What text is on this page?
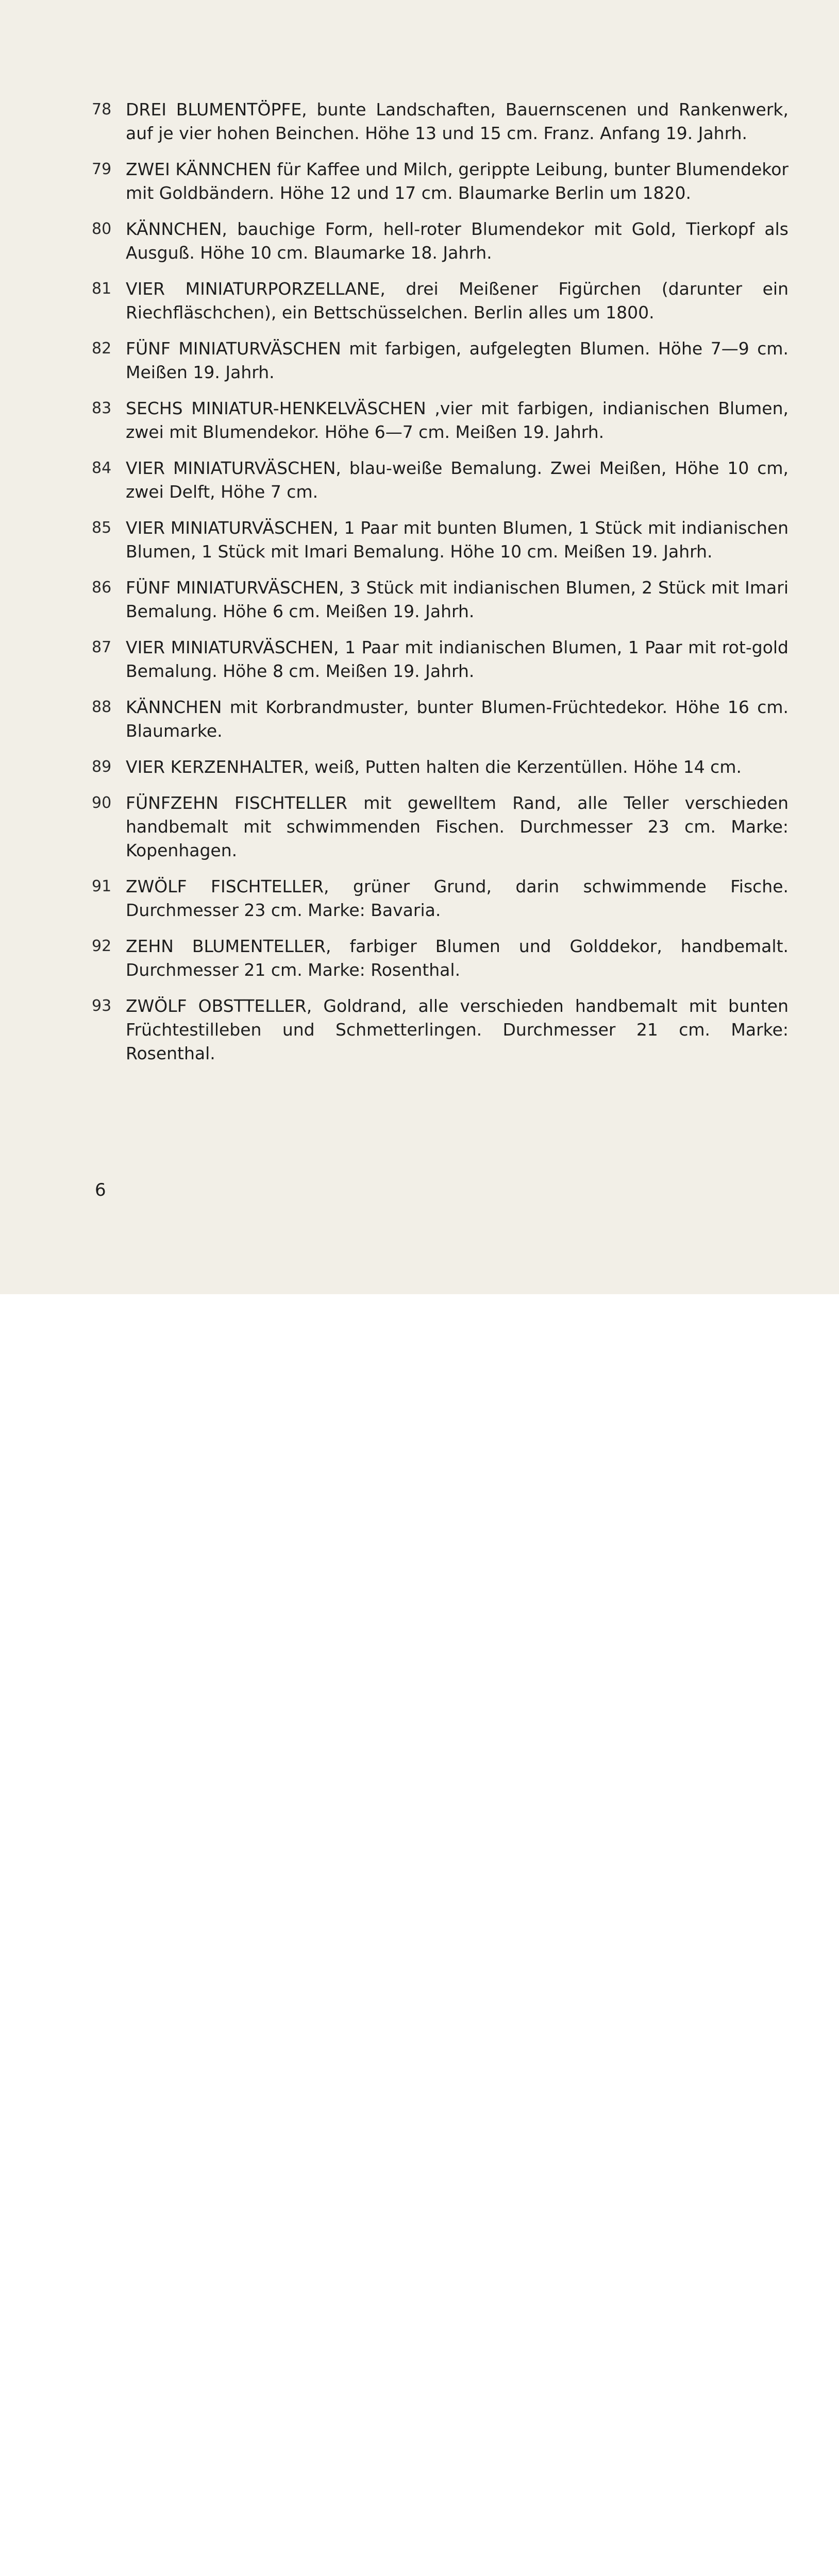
78 DREI BLUMENTÖPFE, bunte Landschaften, Bauernscenen und Rankenwerk, auf je vier hohen Beinchen. Höhe 13 und 15 cm. Franz. Anfang 19. Jahrh.
79 ZWEI KÄNNCHEN für Kaffee und Milch, gerippte Leibung, bunter Blumendekor mit Goldbändern. Höhe 12 und 17 cm. Blaumarke Berlin um 1820.
80 KÄNNCHEN, bauchige Form, hell-roter Blumendekor mit Gold, Tierkopf als Ausguß. Höhe 10 cm. Blaumarke 18. Jahrh.
81 VIER MINIATURPORZELLANE, drei Meißener Figürchen (darunter ein Riechfläschchen), ein Bettschüsselchen. Berlin alles um 1800.
82 FÜNF MINIATURVÄSCHEN mit farbigen, aufgelegten Blumen. Höhe 7—9 cm. Meißen 19. Jahrh.
83 SECHS MINIATUR-HENKELVÄSCHEN ,vier mit farbigen, indianischen Blumen, zwei mit Blumendekor. Höhe 6—7 cm. Meißen 19. Jahrh.
84 VIER MINIATURVÄSCHEN, blau-weiße Bemalung. Zwei Meißen, Höhe 10 cm, zwei Delft, Höhe 7 cm.
85 VIER MINIATURVÄSCHEN, 1 Paar mit bunten Blumen, 1 Stück mit indianischen Blumen, 1 Stück mit Imari Bemalung. Höhe 10 cm. Meißen 19. Jahrh.
86 FÜNF MINIATURVÄSCHEN, 3 Stück mit indianischen Blumen, 2 Stück mit Imari Bemalung. Höhe 6 cm. Meißen 19. Jahrh.
87 VIER MINIATURVÄSCHEN, 1 Paar mit indianischen Blumen, 1 Paar mit rot-gold Bemalung. Höhe 8 cm. Meißen 19. Jahrh.
88 KÄNNCHEN mit Korbrandmuster, bunter Blumen-Früchtedekor. Höhe 16 cm. Blaumarke.
89 VIER KERZENHALTER, weiß, Putten halten die Kerzentüllen. Höhe 14 cm.
90 FÜNFZEHN FISCHTELLER mit gewelltem Rand, alle Teller verschieden handbemalt mit schwimmenden Fischen. Durchmesser 23 cm. Marke: Kopenhagen.
91 ZWÖLF FISCHTELLER, grüner Grund, darin schwimmende Fische. Durchmesser 23 cm. Marke: Bavaria.
92 ZEHN BLUMENTELLER, farbiger Blumen und Golddekor, handbemalt. Durchmesser 21 cm. Marke: Rosenthal.
93 ZWÖLF OBSTTELLER, Goldrand, alle verschieden handbemalt mit bunten Früchtestilleben und Schmetterlingen. Durchmesser 21 cm. Marke: Rosenthal.
6
